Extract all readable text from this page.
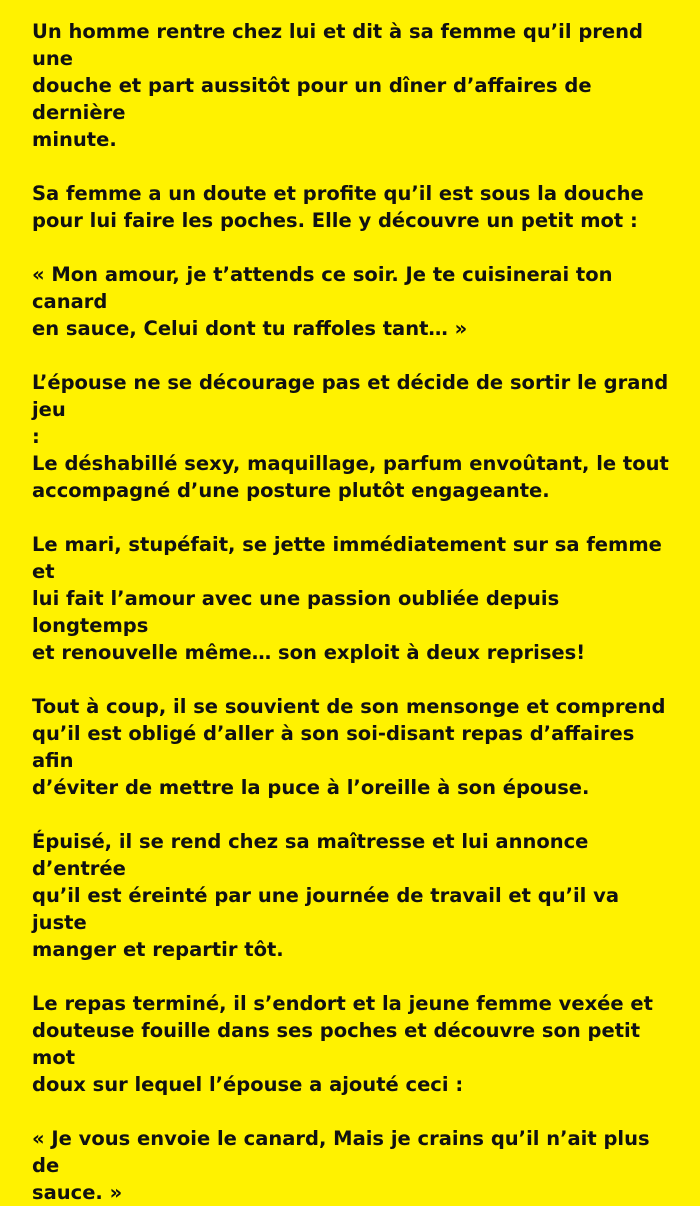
Un homme rentre chez lui et dit à sa femme qu’il prend une
douche et part aussitôt pour un dîner d’affaires de dernière
minute.

Sa femme a un doute et profite qu’il est sous la douche
pour lui faire les poches. Elle y découvre un petit mot :

« Mon amour, je t’attends ce soir. Je te cuisinerai ton canard
en sauce, Celui dont tu raffoles tant… »

L’épouse ne se décourage pas et décide de sortir le grand jeu
:
Le déshabillé sexy, maquillage, parfum envoûtant, le tout
accompagné d’une posture plutôt engageante.

Le mari, stupéfait, se jette immédiatement sur sa femme et
lui fait l’amour avec une passion oubliée depuis longtemps
et renouvelle même… son exploit à deux reprises!

Tout à coup, il se souvient de son mensonge et comprend
qu’il est obligé d’aller à son soi-disant repas d’affaires afin
d’éviter de mettre la puce à l’oreille à son épouse.

Épuisé, il se rend chez sa maîtresse et lui annonce d’entrée
qu’il est éreinté par une journée de travail et qu’il va juste
manger et repartir tôt.

Le repas terminé, il s’endort et la jeune femme vexée et
douteuse fouille dans ses poches et découvre son petit mot
doux sur lequel l’épouse a ajouté ceci :

« Je vous envoie le canard, Mais je crains qu’il n’ait plus de
sauce. »
